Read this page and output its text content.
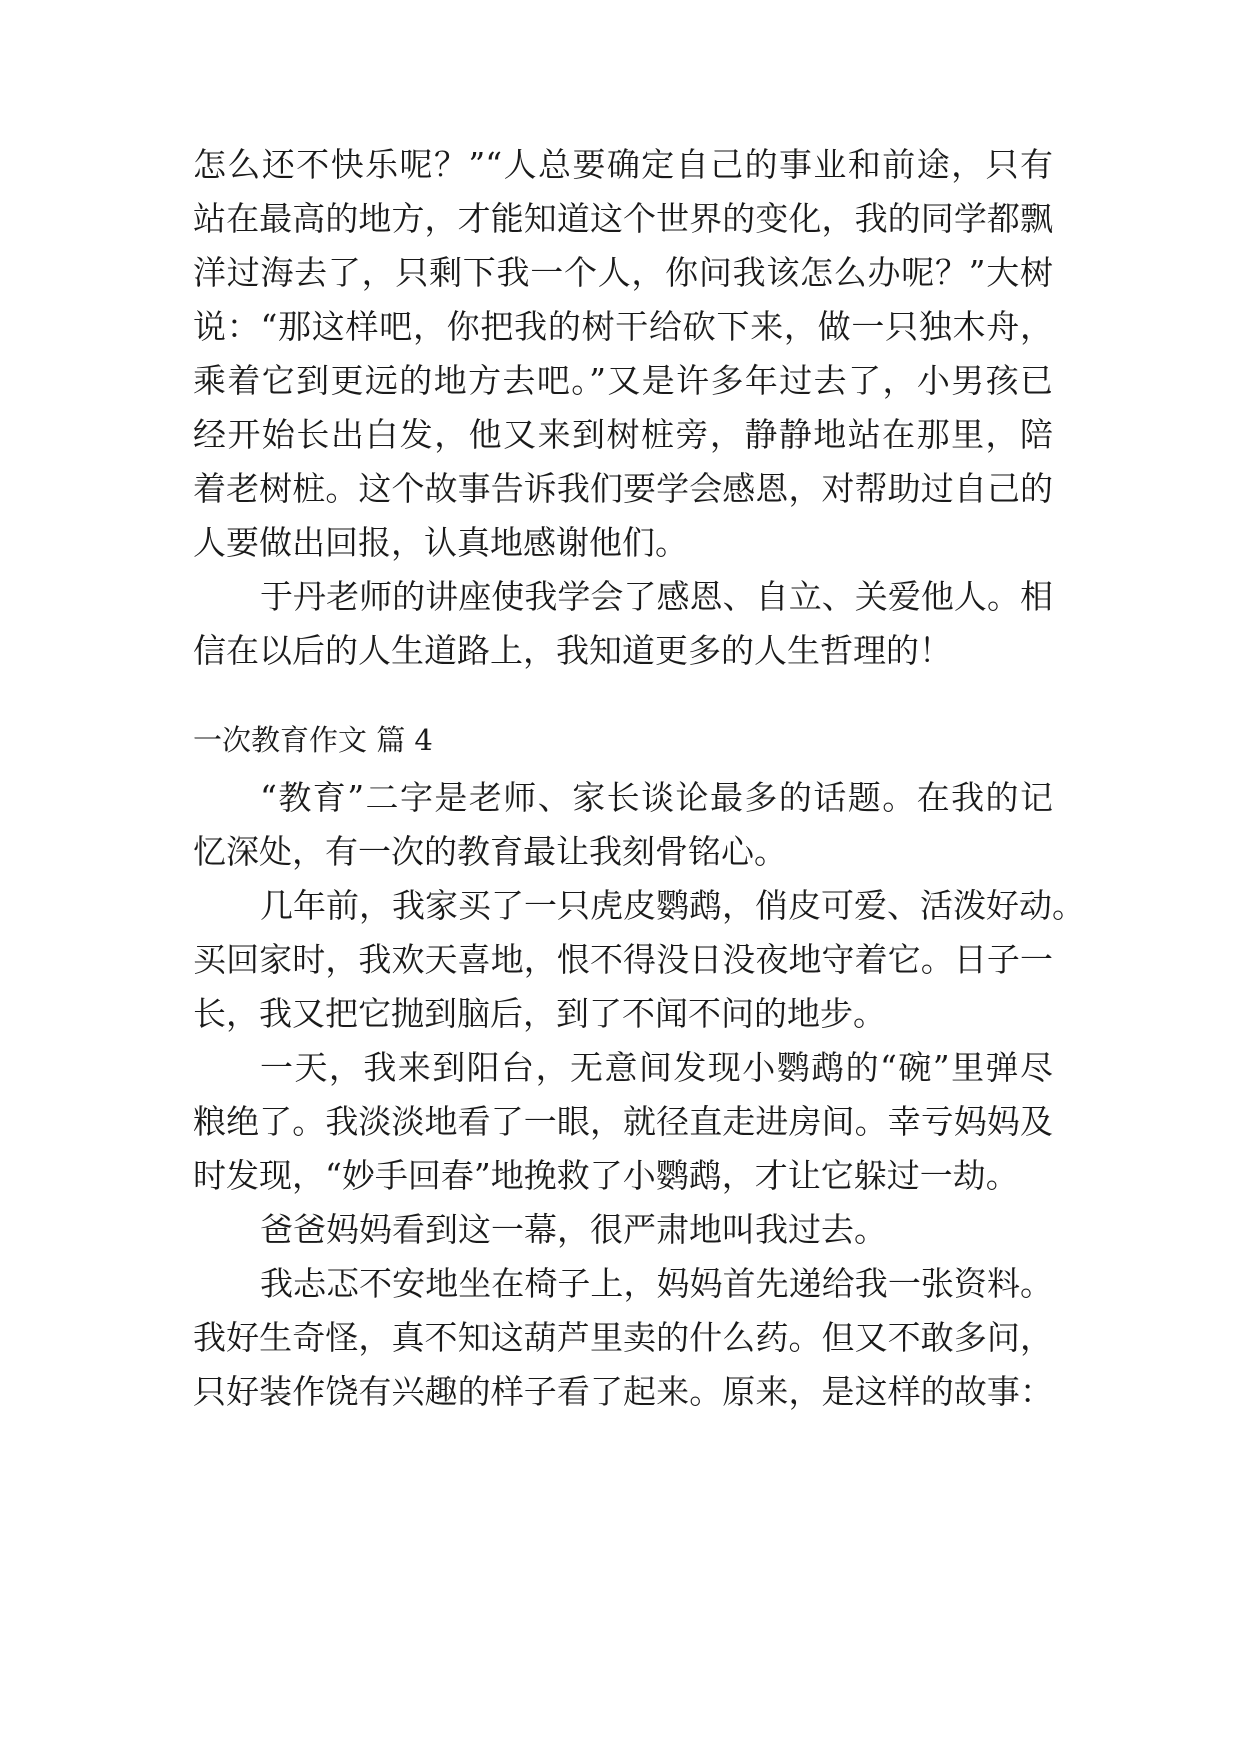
怎么还不快乐呢？”“人总要确定自己的事业和前途，只有
站在最高的地方，才能知道这个世界的变化，我的同学都飘
洋过海去了，只剩下我一个人，你问我该怎么办呢？”大树
说：“那这样吧，你把我的树干给砍下来，做一只独木舟，
乘着它到更远的地方去吧。”又是许多年过去了，小男孩已
经开始长出白发，他又来到树桩旁，静静地站在那里，陪
着老树桩。这个故事告诉我们要学会感恩，对帮助过自己的
人要做出回报，认真地感谢他们。
于丹老师的讲座使我学会了感恩、自立、关爱他人。相
信在以后的人生道路上，我知道更多的人生哲理的！
一次教育作文 篇 4
“教育”二字是老师、家长谈论最多的话题。在我的记
忆深处，有一次的教育最让我刻骨铭心。
几年前，我家买了一只虎皮鹦鹉，俏皮可爱、活泼好动。
买回家时，我欢天喜地，恨不得没日没夜地守着它。日子一
长，我又把它抛到脑后，到了不闻不问的地步。
一天，我来到阳台，无意间发现小鹦鹉的“碗”里弹尽
粮绝了。我淡淡地看了一眼，就径直走进房间。幸亏妈妈及
时发现，“妙手回春”地挽救了小鹦鹉，才让它躲过一劫。
爸爸妈妈看到这一幕，很严肃地叫我过去。
我忐忑不安地坐在椅子上，妈妈首先递给我一张资料。
我好生奇怪，真不知这葫芦里卖的什么药。但又不敢多问，
只好装作饶有兴趣的样子看了起来。原来，是这样的故事：
